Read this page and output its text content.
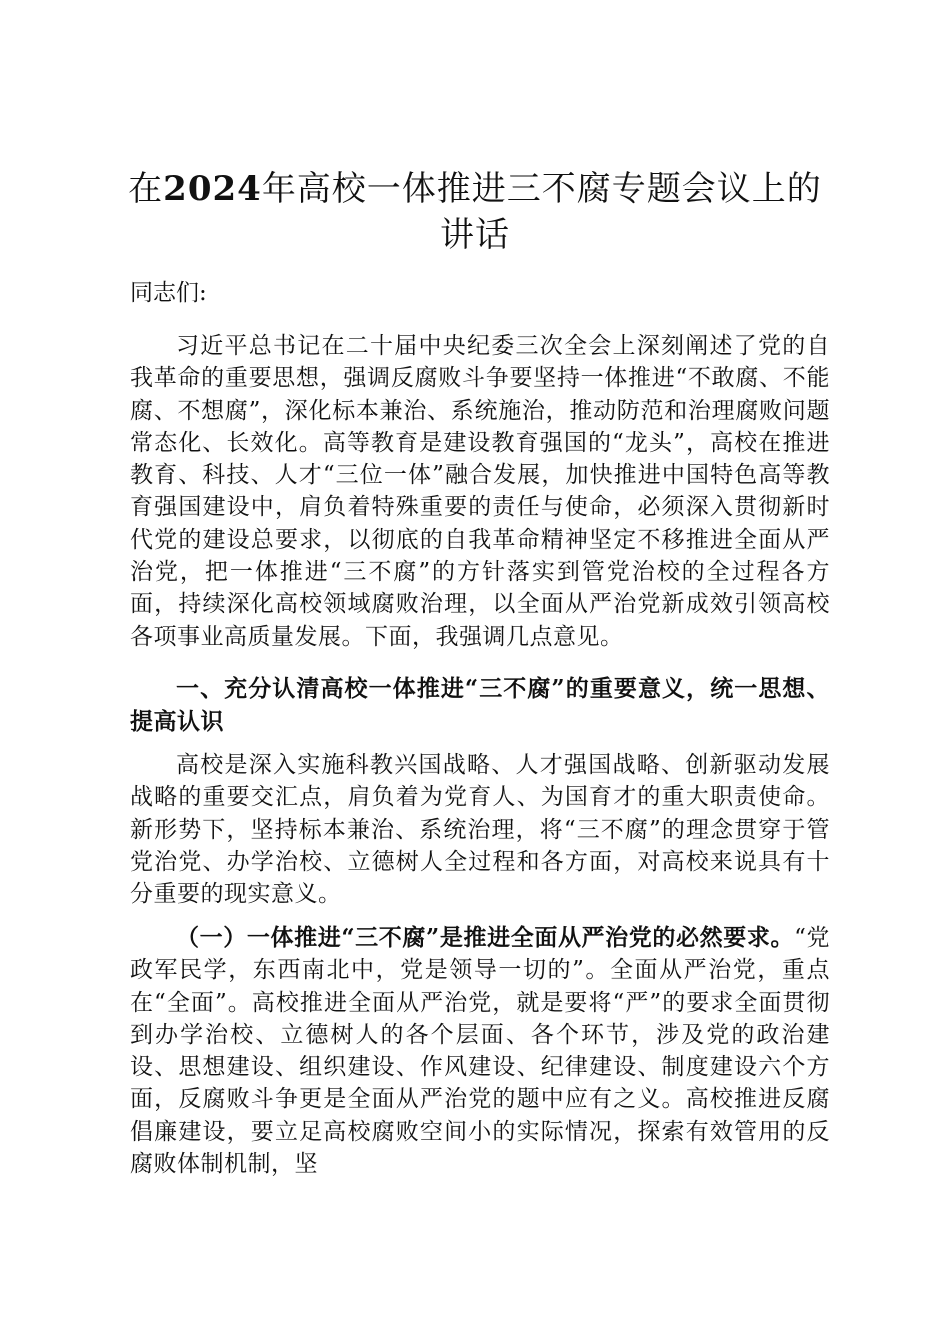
在2024年高校一体推进三不腐专题会议上的讲话
同志们:

习近平总书记在二十届中央纪委三次全会上深刻阐述了党的自我革命的重要思想，强调反腐败斗争要坚持一体推进“不敢腐、不能腐、不想腐”，深化标本兼治、系统施治，推动防范和治理腐败问题常态化、长效化。高等教育是建设教育强国的“龙头”，高校在推进教育、科技、人才“三位一体”融合发展，加快推进中国特色高等教育强国建设中，肩负着特殊重要的责任与使命，必须深入贯彻新时代党的建设总要求，以彻底的自我革命精神坚定不移推进全面从严治党，把一体推进“三不腐”的方针落实到管党治校的全过程各方面，持续深化高校领域腐败治理，以全面从严治党新成效引领高校各项事业高质量发展。下面，我强调几点意见。

一、充分认清高校一体推进“三不腐”的重要意义，统一思想、提高认识

高校是深入实施科教兴国战略、人才强国战略、创新驱动发展战略的重要交汇点，肩负着为党育人、为国育才的重大职责使命。新形势下，坚持标本兼治、系统治理，将“三不腐”的理念贯穿于管党治党、办学治校、立德树人全过程和各方面，对高校来说具有十分重要的现实意义。

（一）一体推进“三不腐”是推进全面从严治党的必然要求。“党政军民学，东西南北中，党是领导一切的”。全面从严治党，重点在“全面”。高校推进全面从严治党，就是要将“严”的要求全面贯彻到办学治校、立德树人的各个层面、各个环节，涉及党的政治建设、思想建设、组织建设、作风建设、纪律建设、制度建设六个方面，反腐败斗争更是全面从严治党的题中应有之义。高校推进反腐倡廉建设，要立足高校腐败空间小的实际情况，探索有效管用的反腐败体制机制，坚
